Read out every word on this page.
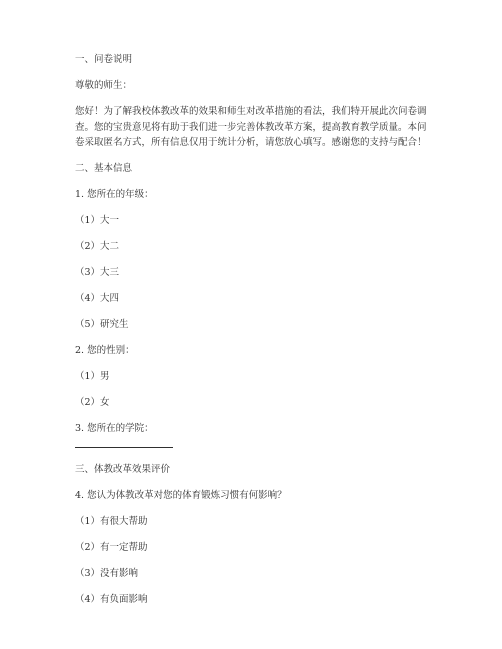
一、问卷说明
尊敬的师生：
您好！为了解我校体教改革的效果和师生对改革措施的看法，我们特开展此次问卷调查。您的宝贵意见将有助于我们进一步完善体教改革方案，提高教育教学质量。本问卷采取匿名方式，所有信息仅用于统计分析，请您放心填写。感谢您的支持与配合！
二、基本信息
1. 您所在的年级：
（1）大一
（2）大二
（3）大三
（4）大四
（5）研究生
2. 您的性别：
（1）男
（2）女
3. 您所在的学院：
三、体教改革效果评价
4. 您认为体教改革对您的体育锻炼习惯有何影响？
（1）有很大帮助
（2）有一定帮助
（3）没有影响
（4）有负面影响
